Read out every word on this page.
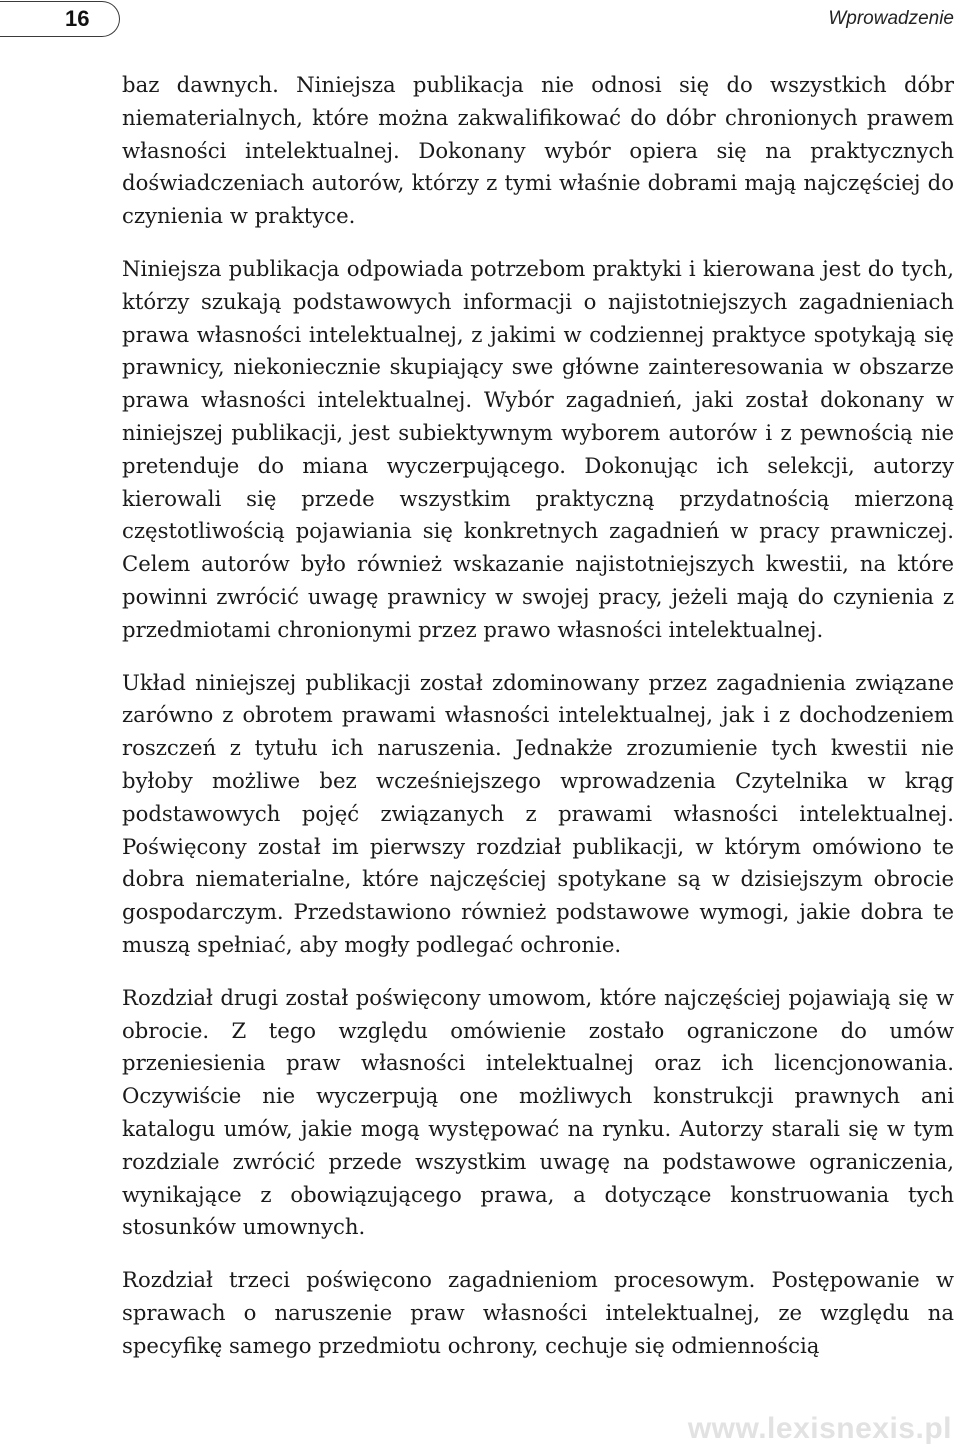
16	Wprowadzenie

baz dawnych. Niniejsza publikacja nie odnosi się do wszystkich dóbr niematerialnych, które można zakwalifikować do dóbr chronionych prawem własności intelektualnej. Dokonany wybór opiera się na praktycznych doświadczeniach autorów, którzy z tymi właśnie dobrami mają najczęściej do czynienia w praktyce.

Niniejsza publikacja odpowiada potrzebom praktyki i kierowana jest do tych, którzy szukają podstawowych informacji o najistotniejszych zagadnieniach prawa własności intelektualnej, z jakimi w codziennej praktyce spotykają się prawnicy, niekoniecznie skupiający swe główne zainteresowania w obszarze prawa własności intelektualnej. Wybór zagadnień, jaki został dokonany w niniejszej publikacji, jest subiektywnym wyborem autorów i z pewnością nie pretenduje do miana wyczerpującego. Dokonując ich selekcji, autorzy kierowali się przede wszystkim praktyczną przydatnością mierzoną częstotliwością pojawiania się konkretnych zagadnień w pracy prawniczej. Celem autorów było również wskazanie najistotniejszych kwestii, na które powinni zwrócić uwagę prawnicy w swojej pracy, jeżeli mają do czynienia z przedmiotami chronionymi przez prawo własności intelektualnej.

Układ niniejszej publikacji został zdominowany przez zagadnienia związane zarówno z obrotem prawami własności intelektualnej, jak i z dochodzeniem roszczeń z tytułu ich naruszenia. Jednakże zrozumienie tych kwestii nie byłoby możliwe bez wcześniejszego wprowadzenia Czytelnika w krąg podstawowych pojęć związanych z prawami własności intelektualnej. Poświęcony został im pierwszy rozdział publikacji, w którym omówiono te dobra niematerialne, które najczęściej spotykane są w dzisiejszym obrocie gospodarczym. Przedstawiono również podstawowe wymogi, jakie dobra te muszą spełniać, aby mogły podlegać ochronie.

Rozdział drugi został poświęcony umowom, które najczęściej pojawiają się w obrocie. Z tego względu omówienie zostało ograniczone do umów przeniesienia praw własności intelektualnej oraz ich licencjonowania. Oczywiście nie wyczerpują one możliwych konstrukcji prawnych ani katalogu umów, jakie mogą występować na rynku. Autorzy starali się w tym rozdziale zwrócić przede wszystkim uwagę na podstawowe ograniczenia, wynikające z obowiązującego prawa, a dotyczące konstruowania tych stosunków umownych.

Rozdział trzeci poświęcono zagadnieniom procesowym. Postępowanie w sprawach o naruszenie praw własności intelektualnej, ze względu na specyfikę samego przedmiotu ochrony, cechuje się odmiennością

www.lexisnexis.pl
